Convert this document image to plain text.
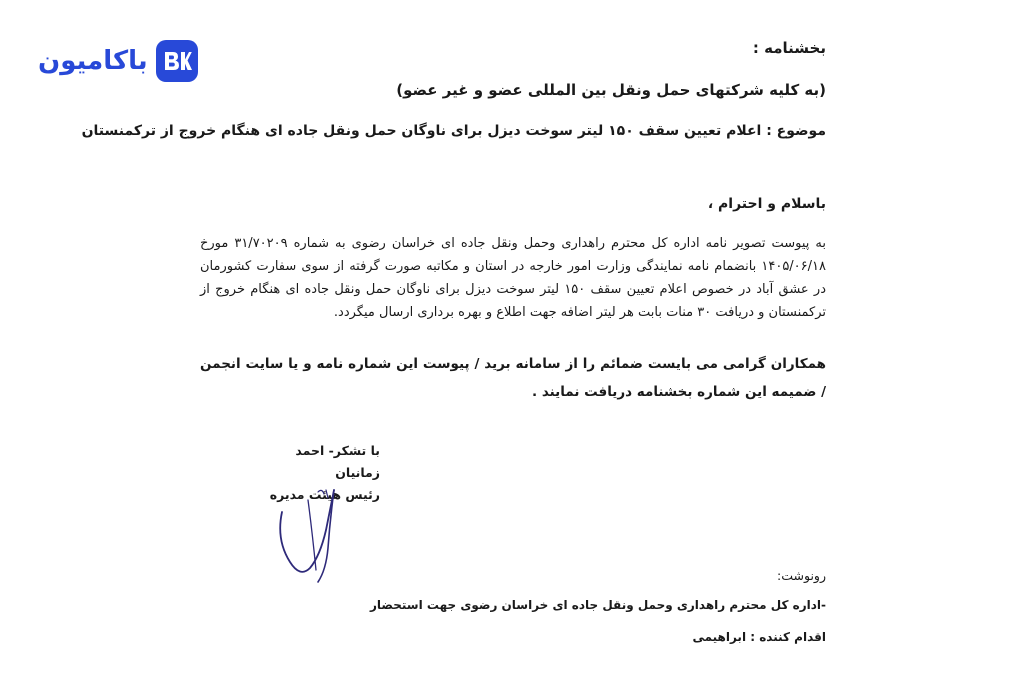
باکامیون	بخشنامه :
(به کلیه شرکتهای حمل ونقل بین المللی عضو و غیر عضو)
موضوع : اعلام تعیین سقف ۱۵۰ لیتر سوخت دیزل برای ناوگان حمل ونقل جاده ای هنگام خروج از ترکمنستان
باسلام و احترام ،
به پیوست تصویر نامه اداره کل محترم راهداری وحمل ونقل جاده ای خراسان رضوی به شماره ۳۱/۷۰۲۰۹ مورخ ۱۴۰۵/۰۶/۱۸ بانضمام نامه نمایندگی وزارت امور خارجه در استان و مکاتبه صورت گرفته از سوی سفارت کشورمان در عشق آباد در خصوص اعلام تعیین سقف ۱۵۰ لیتر سوخت دیزل برای ناوگان حمل ونقل جاده ای هنگام خروج از ترکمنستان و دریافت ۳۰ منات بابت هر لیتر اضافه جهت اطلاع و بهره برداری ارسال میگردد.
همکاران گرامی می بایست ضمائم را از سامانه برید / پیوست این شماره نامه و یا سایت انجمن / ضمیمه این شماره بخشنامه دریافت نمایند .
با تشکر- احمد زمانیان
رئیس هیئت مدیره
رونوشت:
-اداره کل محترم راهداری وحمل ونقل جاده ای خراسان رضوی جهت استحضار
اقدام کننده : ابراهیمی
